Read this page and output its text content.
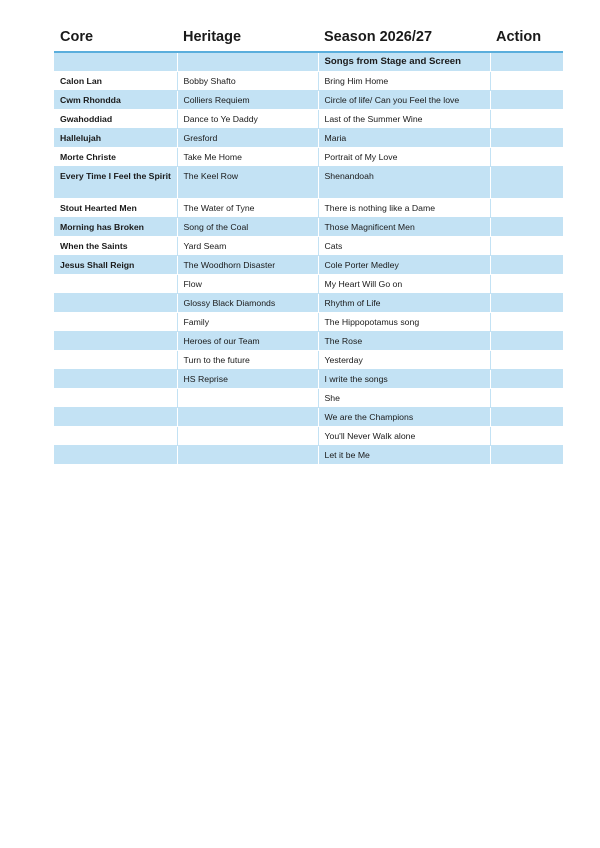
Core	Heritage	Season 2026/27	Action
		Songs from Stage and Screen	
Calon Lan	Bobby Shafto	Bring Him Home	
Cwm Rhondda	Colliers Requiem	Circle of life/ Can you Feel the love	
Gwahoddiad	Dance to Ye Daddy	Last of the Summer Wine	
Hallelujah	Gresford	Maria	
Morte Christe	Take Me Home	Portrait of My Love	
Every Time I Feel the Spirit	The Keel Row	Shenandoah	
Stout Hearted Men	The Water of Tyne	There is nothing like a Dame	
Morning has Broken	Song of the Coal	Those Magnificent Men	
When the Saints	Yard Seam	Cats	
Jesus Shall Reign	The Woodhorn Disaster	Cole Porter Medley	
	Flow	My Heart Will Go on	
	Glossy Black Diamonds	Rhythm of Life	
	Family	The Hippopotamus song	
	Heroes of our Team	The Rose	
	Turn to the future	Yesterday	
	HS Reprise	I write the songs	
		She	
		We are the Champions	
		You'll Never Walk alone	
		Let it be Me	
